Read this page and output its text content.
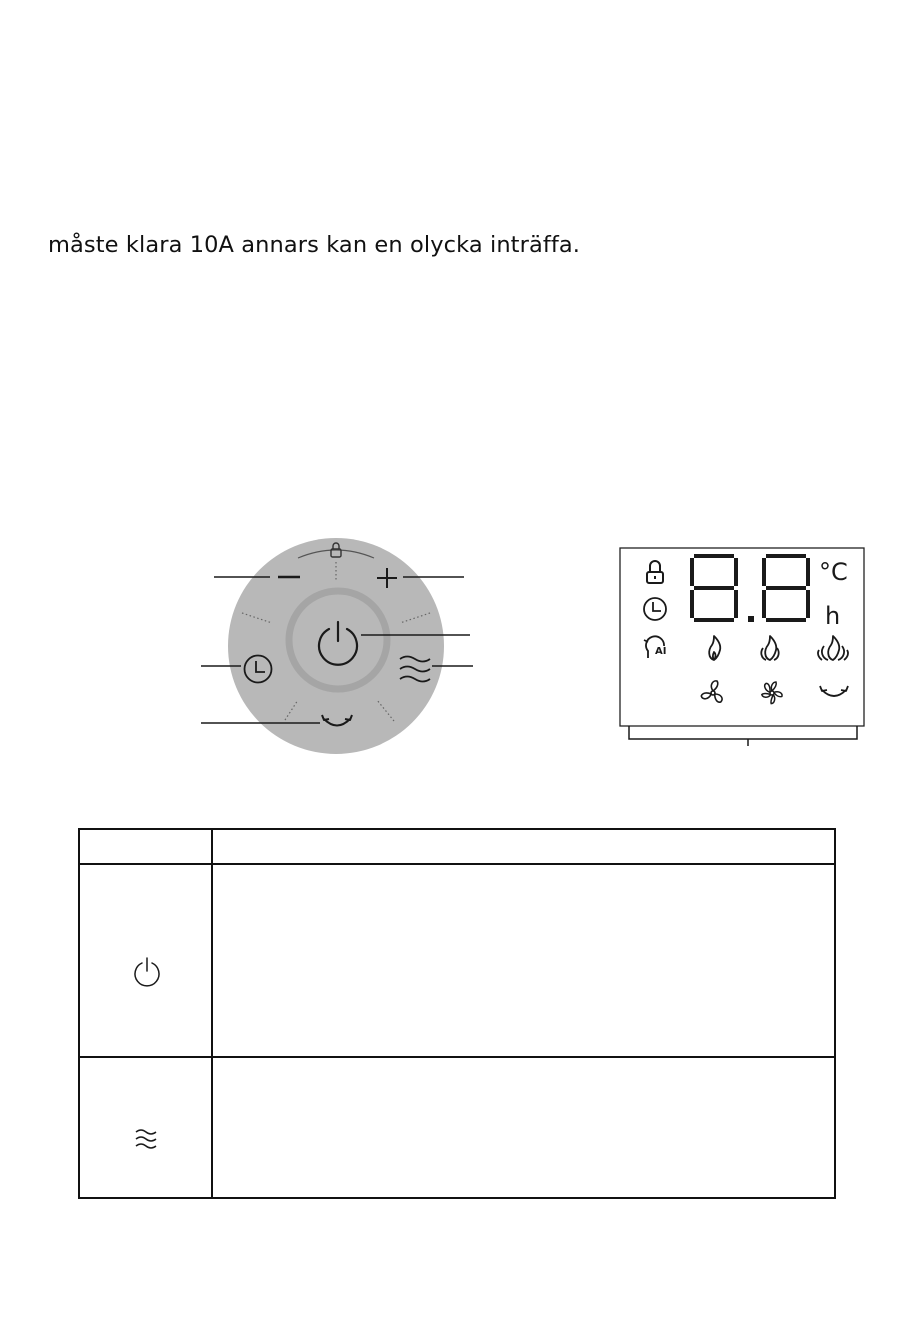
måste klara 10A annars kan en olycka inträffa.
AI
°C
h
